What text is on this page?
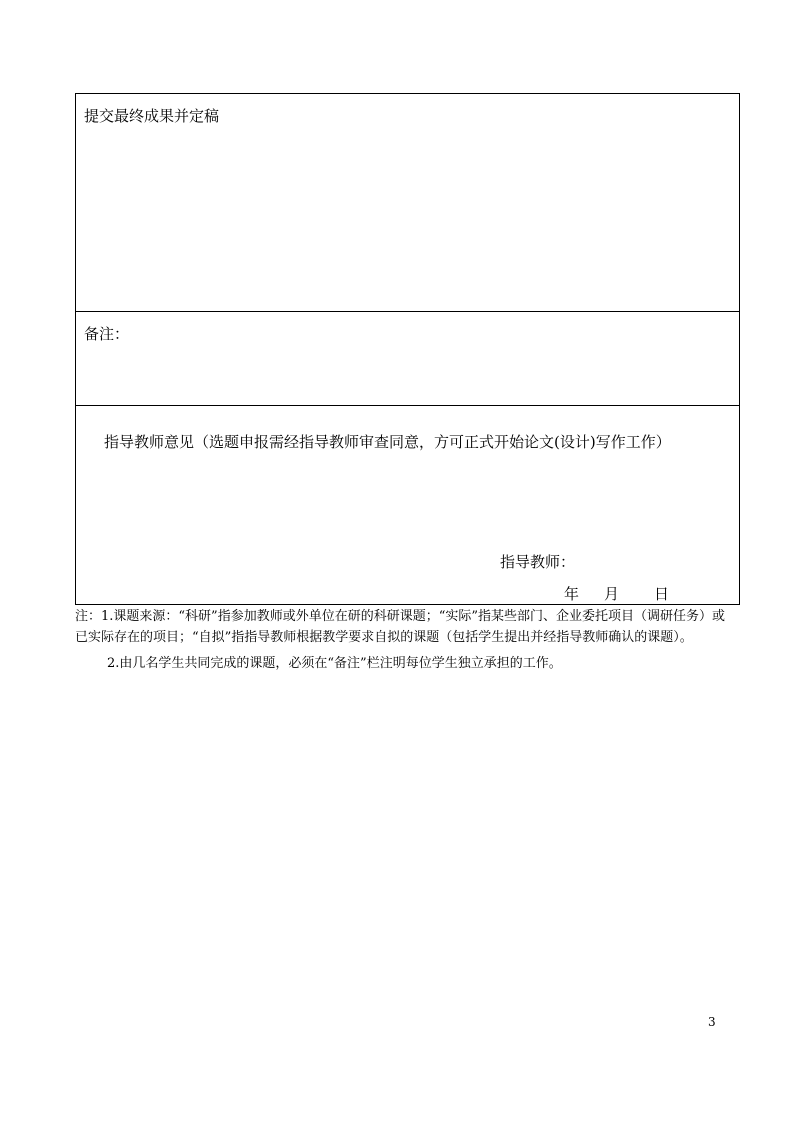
提交最终成果并定稿
备注：
指导教师意见（选题申报需经指导教师审查同意，方可正式开始论文(设计)写作工作）
指导教师：
年 月 日

注：1.课题来源：“科研”指参加教师或外单位在研的科研课题；“实际”指某些部门、企业委托项目（调研任务）或已实际存在的项目；“自拟”指指导教师根据教学要求自拟的课题（包括学生提出并经指导教师确认的课题）。

2.由几名学生共同完成的课题，必须在“备注”栏注明每位学生独立承担的工作。

3
